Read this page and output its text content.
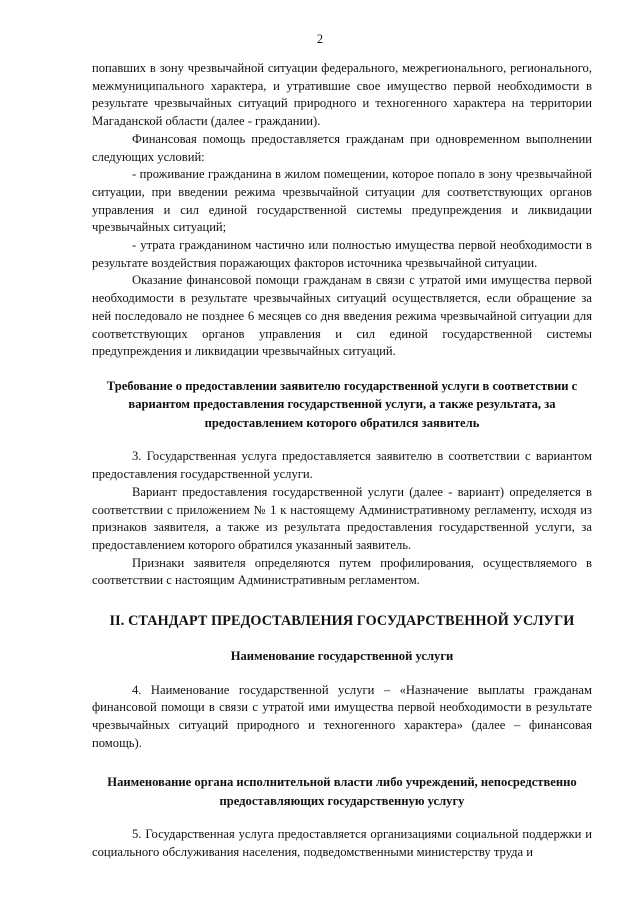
2

попавших в зону чрезвычайной ситуации федерального, межрегионального, регионального, межмуниципального характера, и утратившие свое имущество первой необходимости в результате чрезвычайных ситуаций природного и техногенного характера на территории Магаданской области (далее - граждании).

Финансовая помощь предоставляется гражданам при одновременном выполнении следующих условий:

- проживание гражданина в жилом помещении, которое попало в зону чрезвычайной ситуации, при введении режима чрезвычайной ситуации для соответствующих органов управления и сил единой государственной системы предупреждения и ликвидации чрезвычайных ситуаций;

- утрата гражданином частично или полностью имущества первой необходимости в результате воздействия поражающих факторов источника чрезвычайной ситуации.

Оказание финансовой помощи гражданам в связи с утратой ими имущества первой необходимости в результате чрезвычайных ситуаций осуществляется, если обращение за ней последовало не позднее 6 месяцев со дня введения режима чрезвычайной ситуации для соответствующих органов управления и сил единой государственной системы предупреждения и ликвидации чрезвычайных ситуаций.

Требование о предоставлении заявителю государственной услуги в соответствии с вариантом предоставления государственной услуги, а также результата, за предоставлением которого обратился заявитель

3. Государственная услуга предоставляется заявителю в соответствии с вариантом предоставления государственной услуги.

Вариант предоставления государственной услуги (далее - вариант) определяется в соответствии с приложением № 1 к настоящему Административному регламенту, исходя из признаков заявителя, а также из результата предоставления государственной услуги, за предоставлением которого обратился указанный заявитель.

Признаки заявителя определяются путем профилирования, осуществляемого в соответствии с настоящим Административным регламентом.

II. СТАНДАРТ ПРЕДОСТАВЛЕНИЯ ГОСУДАРСТВЕННОЙ УСЛУГИ
Наименование государственной услуги

4. Наименование государственной услуги – «Назначение выплаты гражданам финансовой помощи в связи с утратой ими имущества первой необходимости в результате чрезвычайных ситуаций природного и техногенного характера» (далее – финансовая помощь).

Наименование органа исполнительной власти либо учреждений, непосредственно предоставляющих государственную услугу

5. Государственная услуга предоставляется организациями социальной поддержки и социального обслуживания населения, подведомственными министерству труда и
